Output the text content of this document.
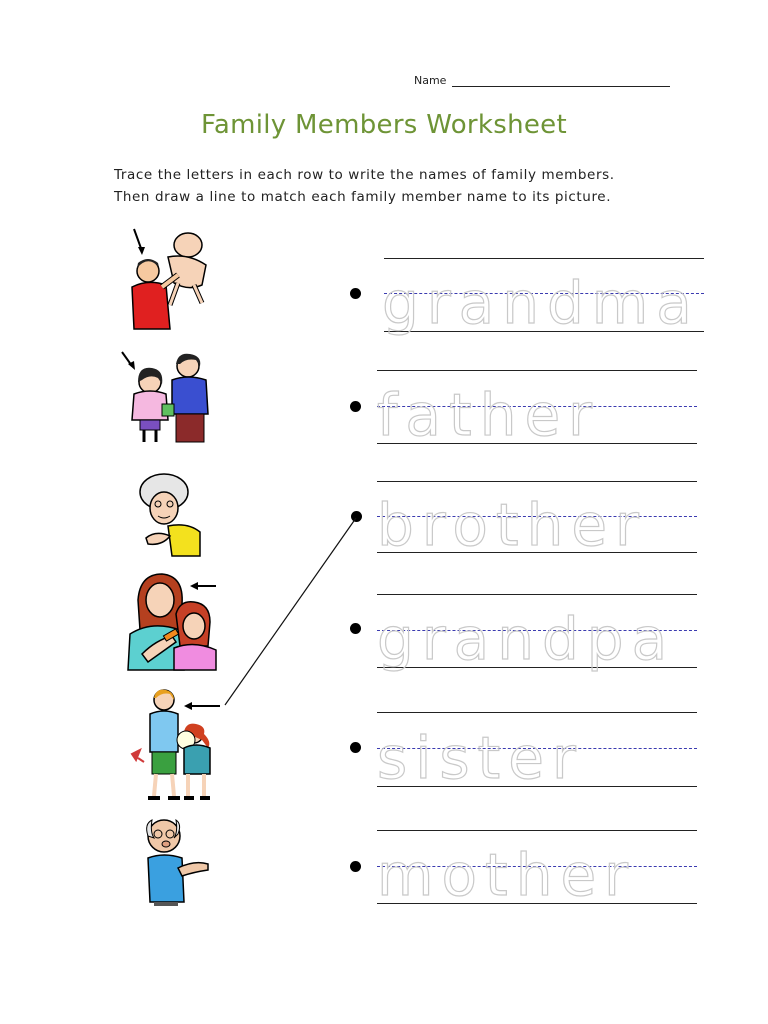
Name
Family Members Worksheet
Trace the letters in each row to write the names of family members.
Then draw a line to match each family member name to its picture.
grandma
father
brother
grandpa
sister
mother
